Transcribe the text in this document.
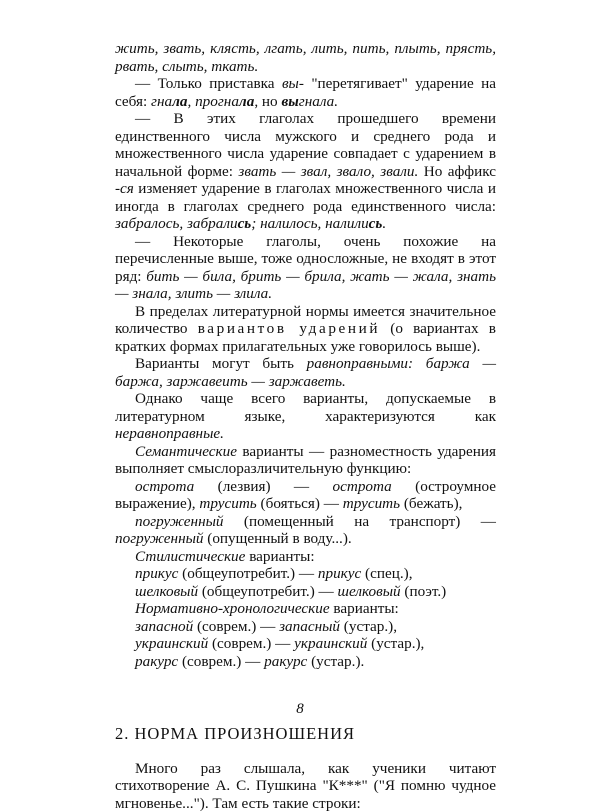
жить, звать, клясть, лгать, лить, пить, плыть, прясть, рвать, слыть, ткать.

— Только приставка вы- "перетягивает" ударение на себя: гнала, прогнала, но выгнала.

— В этих глаголах прошедшего времени единственного числа мужского и среднего рода и множественного числа ударение совпадает с ударением в начальной форме: звать — звал, звало, звали. Но аффикс -ся изменяет ударение в глаголах множественного числа и иногда в глаголах среднего рода единственного числа: забралось, забрались; налилось, налились.

— Некоторые глаголы, очень похожие на перечисленные выше, тоже односложные, не входят в этот ряд: бить — била, брить — брила, жать — жала, знать — знала, злить — злила.

В пределах литературной нормы имеется значительное количество вариантов ударений (о вариантах в кратких формах прилагательных уже говорилось выше).

Варианты могут быть равноправными: баржа — баржа, заржавеить — заржаветь.

Однако чаще всего варианты, допускаемые в литературном языке, характеризуются как неравноправные.

Семантические варианты — разноместность ударения выполняет смыслоразличительную функцию:

острота (лезвия) — острота (остроумное выражение), трусить (бояться) — трусить (бежать),

погруженный (помещенный на транспорт) — погруженный (опущенный в воду...).

Стилистические варианты:

прикус (общеупотребит.) — прикус (спец.),

шелковый (общеупотребит.) — шелковый (поэт.)

Нормативно-хронологические варианты:

запасной (соврем.) — запасный (устар.),

украинский (соврем.) — украинский (устар.),

ракурс (соврем.) — ракурс (устар.).

2. НОРМА ПРОИЗНОШЕНИЯ

Много раз слышала, как ученики читают стихотворение А. С. Пушкина "К***" ("Я помню чудное мгновенье..."). Там есть такие строки:

8
